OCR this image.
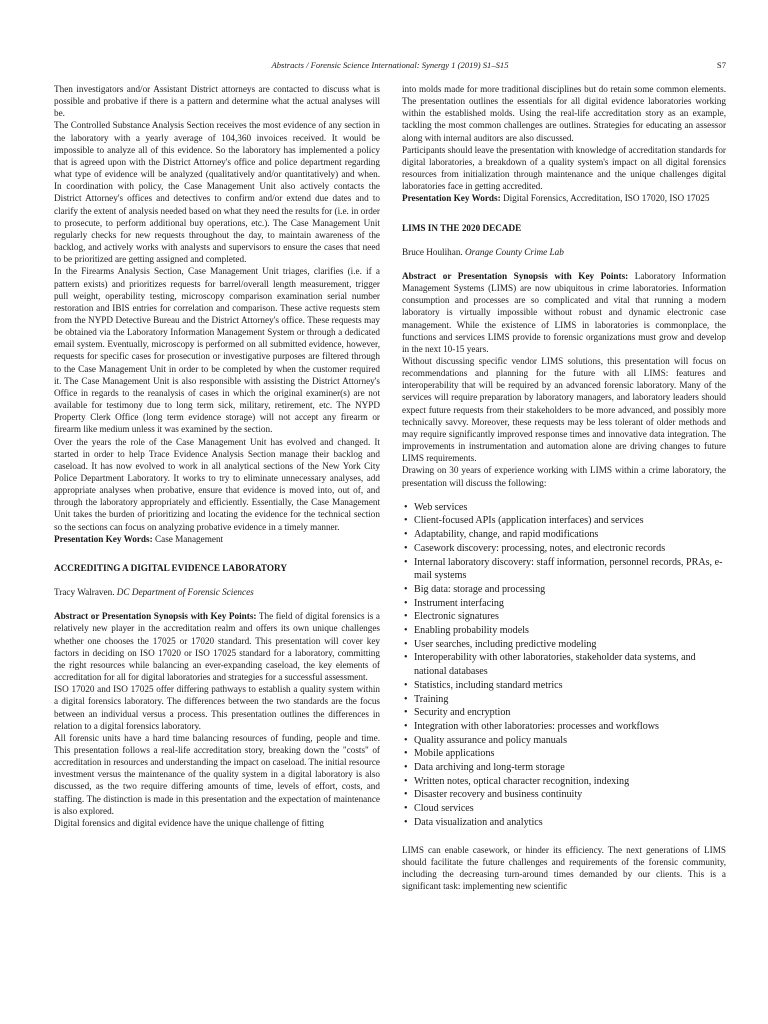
Abstracts / Forensic Science International: Synergy 1 (2019) S1–S15	S7

Then investigators and/or Assistant District attorneys are contacted to discuss what is possible and probative if there is a pattern and determine what the actual analyses will be.

The Controlled Substance Analysis Section receives the most evidence of any section in the laboratory with a yearly average of 104,360 invoices received. It would be impossible to analyze all of this evidence. So the laboratory has implemented a policy that is agreed upon with the District Attorney's office and police department regarding what type of evidence will be analyzed (qualitatively and/or quantitatively) and when. In coordination with policy, the Case Management Unit also actively contacts the District Attorney's offices and detectives to confirm and/or extend due dates and to clarify the extent of analysis needed based on what they need the results for (i.e. in order to prosecute, to perform additional buy operations, etc.). The Case Management Unit regularly checks for new requests throughout the day, to maintain awareness of the backlog, and actively works with analysts and supervisors to ensure the cases that need to be prioritized are getting assigned and completed.

In the Firearms Analysis Section, Case Management Unit triages, clarifies (i.e. if a pattern exists) and prioritizes requests for barrel/overall length measurement, trigger pull weight, operability testing, microscopy comparison examination serial number restoration and IBIS entries for correlation and comparison. These active requests stem from the NYPD Detective Bureau and the District Attorney's office. These requests may be obtained via the Laboratory Information Management System or through a dedicated email system. Eventually, microscopy is performed on all submitted evidence, however, requests for specific cases for prosecution or investigative purposes are filtered through to the Case Management Unit in order to be completed by when the customer required it. The Case Management Unit is also responsible with assisting the District Attorney's Office in regards to the reanalysis of cases in which the original examiner(s) are not available for testimony due to long term sick, military, retirement, etc. The NYPD Property Clerk Office (long term evidence storage) will not accept any firearm or firearm like medium unless it was examined by the section.

Over the years the role of the Case Management Unit has evolved and changed. It started in order to help Trace Evidence Analysis Section manage their backlog and caseload. It has now evolved to work in all analytical sections of the New York City Police Department Laboratory. It works to try to eliminate unnecessary analyses, add appropriate analyses when probative, ensure that evidence is moved into, out of, and through the laboratory appropriately and efficiently. Essentially, the Case Management Unit takes the burden of prioritizing and locating the evidence for the technical section so the sections can focus on analyzing probative evidence in a timely manner.

Presentation Key Words: Case Management

ACCREDITING A DIGITAL EVIDENCE LABORATORY

Tracy Walraven. DC Department of Forensic Sciences

Abstract or Presentation Synopsis with Key Points: The field of digital forensics is a relatively new player in the accreditation realm and offers its own unique challenges whether one chooses the 17025 or 17020 standard. This presentation will cover key factors in deciding on ISO 17020 or ISO 17025 standard for a laboratory, committing the right resources while balancing an ever-expanding caseload, the key elements of accreditation for all for digital laboratories and strategies for a successful assessment.

ISO 17020 and ISO 17025 offer differing pathways to establish a quality system within a digital forensics laboratory. The differences between the two standards are the focus between an individual versus a process. This presentation outlines the differences in relation to a digital forensics laboratory.

All forensic units have a hard time balancing resources of funding, people and time. This presentation follows a real-life accreditation story, breaking down the "costs" of accreditation in resources and understanding the impact on caseload. The initial resource investment versus the maintenance of the quality system in a digital laboratory is also discussed, as the two require differing amounts of time, levels of effort, costs, and staffing. The distinction is made in this presentation and the expectation of maintenance is also explored.

Digital forensics and digital evidence have the unique challenge of fitting

into molds made for more traditional disciplines but do retain some common elements. The presentation outlines the essentials for all digital evidence laboratories working within the established molds. Using the real-life accreditation story as an example, tackling the most common challenges are outlines. Strategies for educating an assessor along with internal auditors are also discussed.

Participants should leave the presentation with knowledge of accreditation standards for digital laboratories, a breakdown of a quality system's impact on all digital forensics resources from initialization through maintenance and the unique challenges digital laboratories face in getting accredited.

Presentation Key Words: Digital Forensics, Accreditation, ISO 17020, ISO 17025

LIMS IN THE 2020 DECADE

Bruce Houlihan. Orange County Crime Lab

Abstract or Presentation Synopsis with Key Points: Laboratory Information Management Systems (LIMS) are now ubiquitous in crime laboratories. Information consumption and processes are so complicated and vital that running a modern laboratory is virtually impossible without robust and dynamic electronic case management. While the existence of LIMS in laboratories is commonplace, the functions and services LIMS provide to forensic organizations must grow and develop in the next 10-15 years.

Without discussing specific vendor LIMS solutions, this presentation will focus on recommendations and planning for the future with all LIMS: features and interoperability that will be required by an advanced forensic laboratory. Many of the services will require preparation by laboratory managers, and laboratory leaders should expect future requests from their stakeholders to be more advanced, and possibly more technically savvy. Moreover, these requests may be less tolerant of older methods and may require significantly improved response times and innovative data integration. The improvements in instrumentation and automation alone are driving changes to future LIMS requirements.

Drawing on 30 years of experience working with LIMS within a crime laboratory, the presentation will discuss the following:

• Web services
• Client-focused APIs (application interfaces) and services
• Adaptability, change, and rapid modifications
• Casework discovery: processing, notes, and electronic records
• Internal laboratory discovery: staff information, personnel records, PRAs, e-mail systems
• Big data: storage and processing
• Instrument interfacing
• Electronic signatures
• Enabling probability models
• User searches, including predictive modeling
• Interoperability with other laboratories, stakeholder data systems, and national databases
• Statistics, including standard metrics
• Training
• Security and encryption
• Integration with other laboratories: processes and workflows
• Quality assurance and policy manuals
• Mobile applications
• Data archiving and long-term storage
• Written notes, optical character recognition, indexing
• Disaster recovery and business continuity
• Cloud services
• Data visualization and analytics

LIMS can enable casework, or hinder its efficiency. The next generations of LIMS should facilitate the future challenges and requirements of the forensic community, including the decreasing turn-around times demanded by our clients. This is a significant task: implementing new scientific
